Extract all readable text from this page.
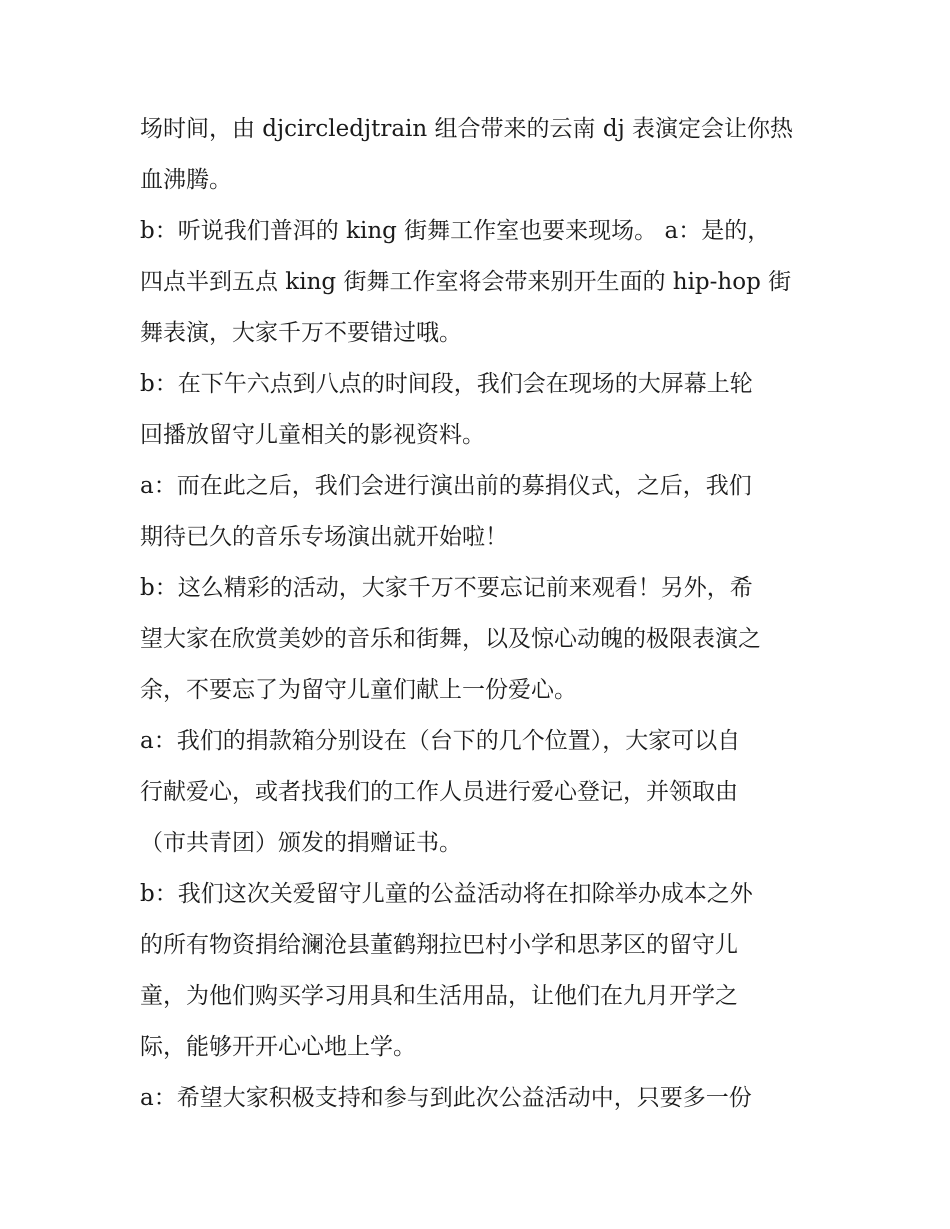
场时间，由 djcircledjtrain 组合带来的云南 dj 表演定会让你热
血沸腾。
b：听说我们普洱的 king 街舞工作室也要来现场。 a：是的，
四点半到五点 king 街舞工作室将会带来别开生面的 hip-hop 街
舞表演，大家千万不要错过哦。
b：在下午六点到八点的时间段，我们会在现场的大屏幕上轮
回播放留守儿童相关的影视资料。
a：而在此之后，我们会进行演出前的募捐仪式，之后，我们
期待已久的音乐专场演出就开始啦！
b：这么精彩的活动，大家千万不要忘记前来观看！另外，希
望大家在欣赏美妙的音乐和街舞，以及惊心动魄的极限表演之
余，不要忘了为留守儿童们献上一份爱心。
a：我们的捐款箱分别设在（台下的几个位置），大家可以自
行献爱心，或者找我们的工作人员进行爱心登记，并领取由
（市共青团）颁发的捐赠证书。
b：我们这次关爱留守儿童的公益活动将在扣除举办成本之外
的所有物资捐给澜沧县董鹤翔拉巴村小学和思茅区的留守儿
童，为他们购买学习用具和生活用品，让他们在九月开学之
际，能够开开心心地上学。
a：希望大家积极支持和参与到此次公益活动中，只要多一份
